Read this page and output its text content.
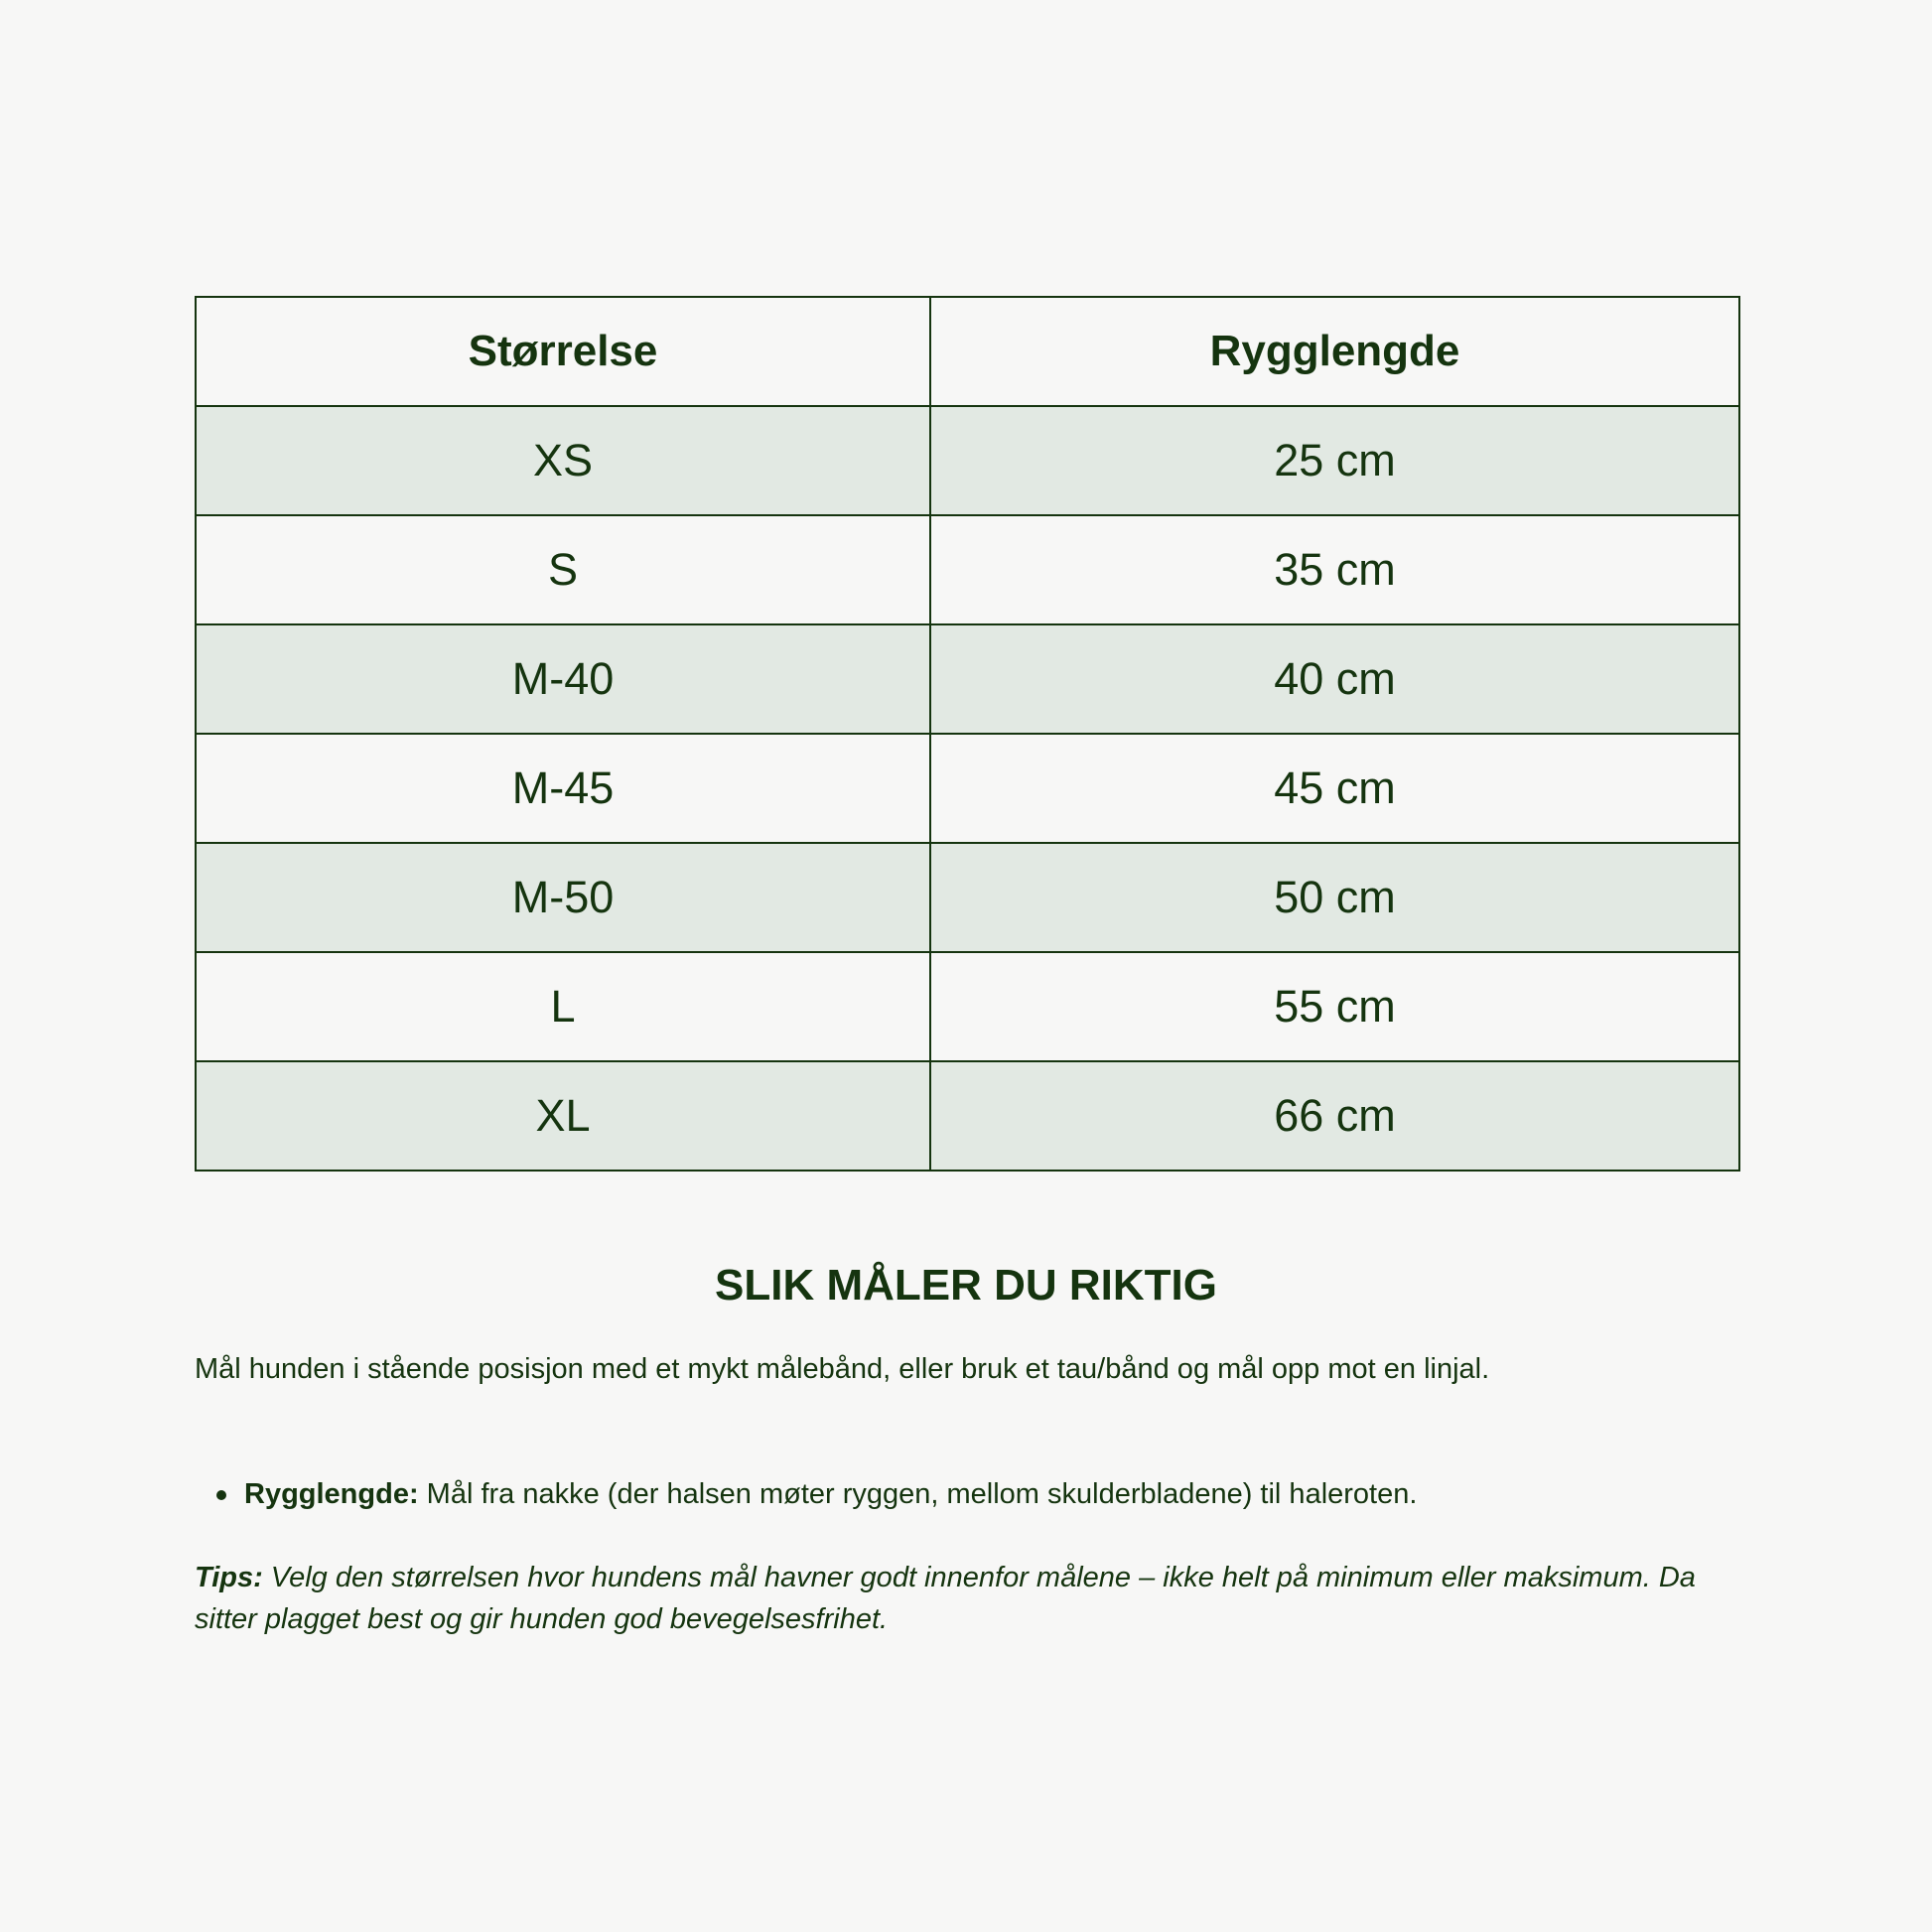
Størrelse	Rygglengde
XS	25 cm
S	35 cm
M-40	40 cm
M-45	45 cm
M-50	50 cm
L	55 cm
XL	66 cm
SLIK MÅLER DU RIKTIG

Mål hunden i stående posisjon med et mykt målebånd, eller bruk et tau/bånd og mål opp mot en linjal.

Rygglengde: Mål fra nakke (der halsen møter ryggen, mellom skulderbladene) til haleroten.

Tips: Velg den størrelsen hvor hundens mål havner godt innenfor målene – ikke helt på minimum eller maksimum. Da sitter plagget best og gir hunden god bevegelsesfrihet.
